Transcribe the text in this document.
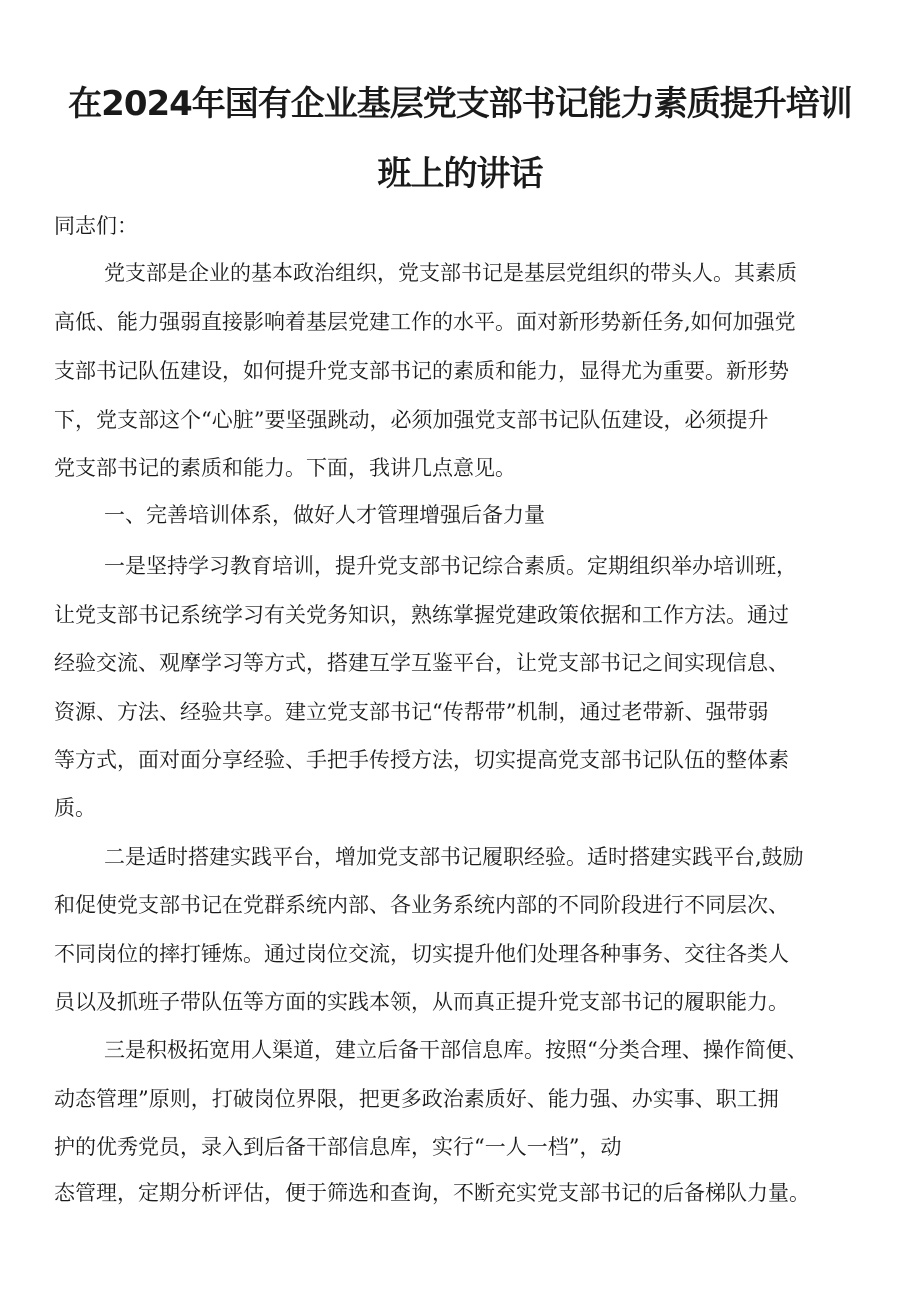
在2024年国有企业基层党支部书记能力素质提升培训
班上的讲话

同志们：

党支部是企业的基本政治组织，党支部书记是基层党组织的带头人。其素质

高低、能力强弱直接影响着基层党建工作的水平。面对新形势新任务,如何加强党

支部书记队伍建设，如何提升党支部书记的素质和能力，显得尤为重要。新形势

下，党支部这个“心脏”要坚强跳动，必须加强党支部书记队伍建设，必须提升

党支部书记的素质和能力。下面，我讲几点意见。

一、完善培训体系，做好人才管理增强后备力量

一是坚持学习教育培训，提升党支部书记综合素质。定期组织举办培训班，

让党支部书记系统学习有关党务知识，熟练掌握党建政策依据和工作方法。通过

经验交流、观摩学习等方式，搭建互学互鉴平台，让党支部书记之间实现信息、

资源、方法、经验共享。建立党支部书记“传帮带”机制，通过老带新、强带弱

等方式，面对面分享经验、手把手传授方法，切实提高党支部书记队伍的整体素

质。

二是适时搭建实践平台，增加党支部书记履职经验。适时搭建实践平台,鼓励

和促使党支部书记在党群系统内部、各业务系统内部的不同阶段进行不同层次、

不同岗位的摔打锤炼。通过岗位交流，切实提升他们处理各种事务、交往各类人

员以及抓班子带队伍等方面的实践本领，从而真正提升党支部书记的履职能力。

三是积极拓宽用人渠道，建立后备干部信息库。按照“分类合理、操作简便、

动态管理”原则，打破岗位界限，把更多政治素质好、能力强、办实事、职工拥

护的优秀党员，录入到后备干部信息库，实行“一人一档”，动

态管理，定期分析评估，便于筛选和查询，不断充实党支部书记的后备梯队力量。
